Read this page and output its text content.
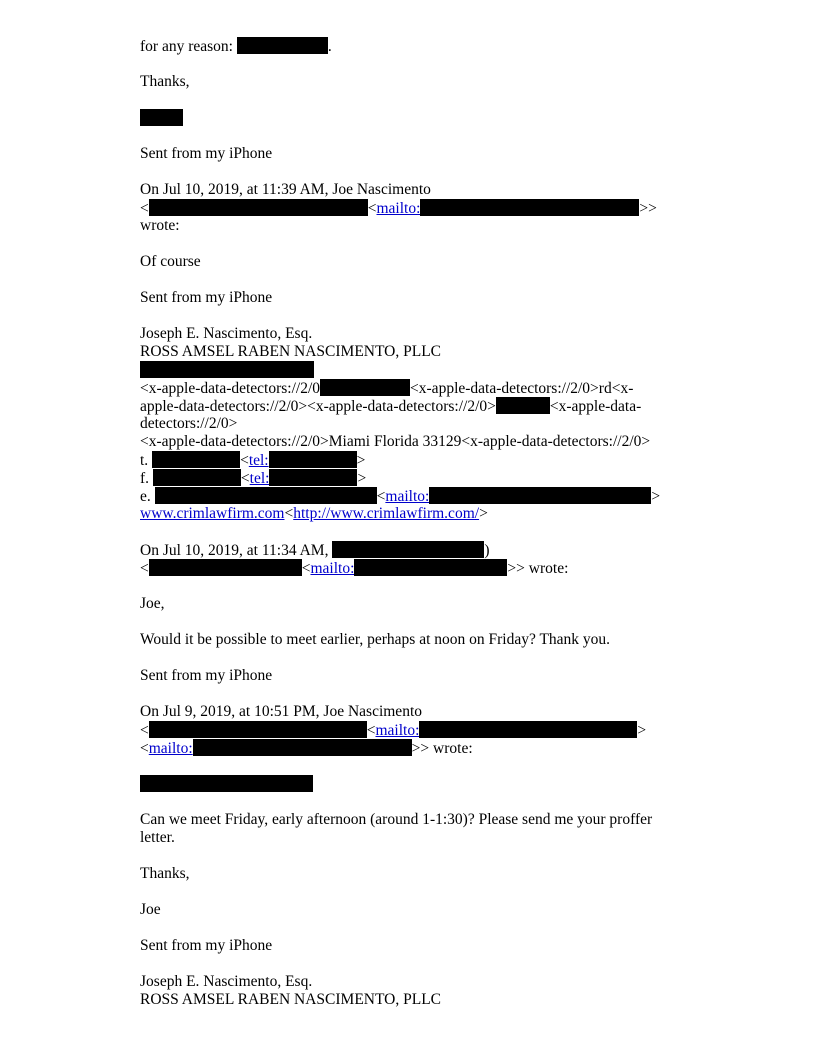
for any reason:	.
Thanks,
Sent from my iPhone
On Jul 10, 2019, at 11:39 AM, Joe Nascimento
<	<mailto:	>>
wrote:
Of course
Sent from my iPhone
Joseph E. Nascimento, Esq.
ROSS AMSEL RABEN NASCIMENTO, PLLC
<x-apple-data-detectors://2/0	<x-apple-data-detectors://2/0>rd<x-
apple-data-detectors://2/0><x-apple-data-detectors://2/0>	<x-apple-data-
detectors://2/0>
<x-apple-data-detectors://2/0>Miami Florida 33129<x-apple-data-detectors://2/0>
t.	<tel:	>
f.	<tel:	>
e.	<mailto:	>
www.crimlawfirm.com<http://www.crimlawfirm.com/>
On Jul 10, 2019, at 11:34 AM,	)
<	<mailto:	>> wrote:
Joe,
Would it be possible to meet earlier, perhaps at noon on Friday? Thank you.
Sent from my iPhone
On Jul 9, 2019, at 10:51 PM, Joe Nascimento
<	<mailto:	>
<mailto:	>> wrote:
Can we meet Friday, early afternoon (around 1-1:30)? Please send me your proffer
letter.
Thanks,
Joe
Sent from my iPhone
Joseph E. Nascimento, Esq.
ROSS AMSEL RABEN NASCIMENTO, PLLC
